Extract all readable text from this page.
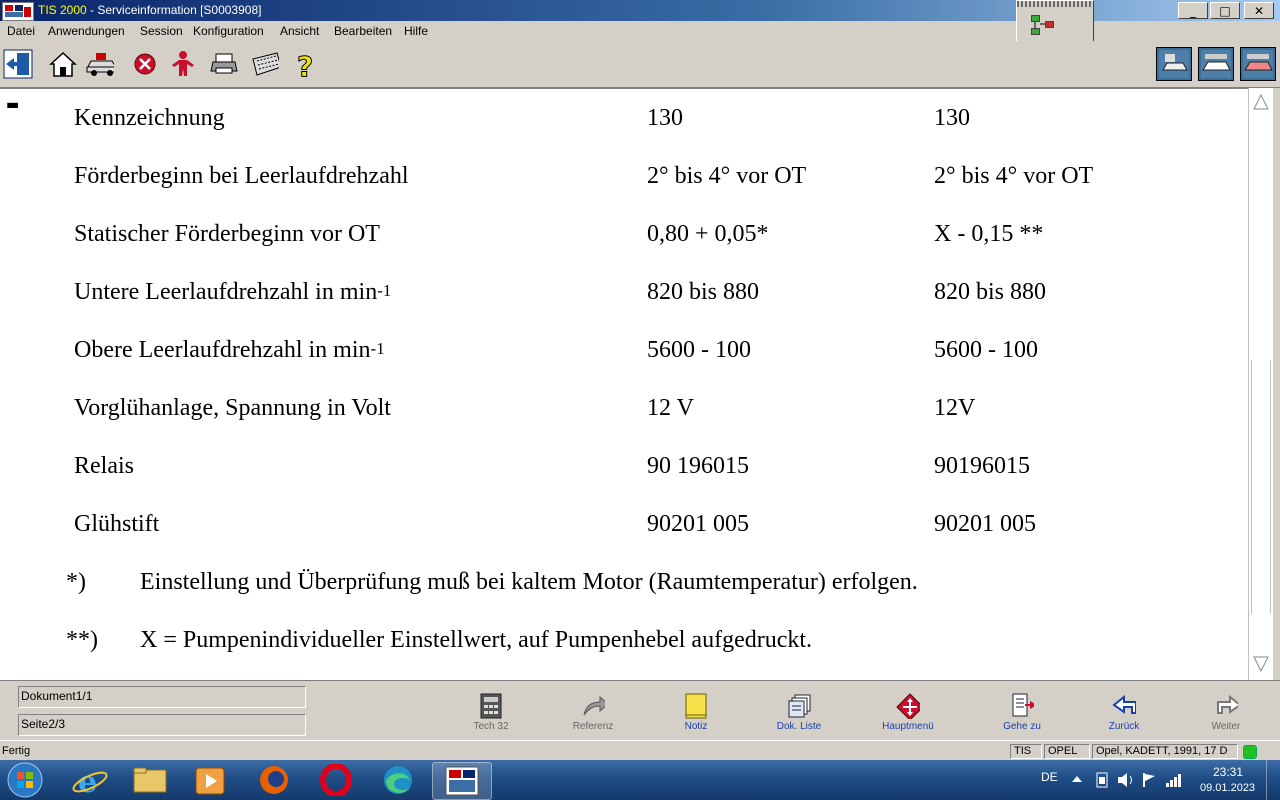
TIS 2000 - Serviceinformation [S0003908]	_	□	✕
Datei Anwendungen Session Konfiguration Ansicht Bearbeiten Hilfe
?
▬ Kennzeichnung	130	130
Förderbeginn bei Leerlaufdrehzahl	2° bis 4° vor OT	2° bis 4° vor OT
Statischer Förderbeginn vor OT	0,80 + 0,05*	X - 0,15 **
Untere Leerlaufdrehzahl in $\min^{-1}$	820 bis 880	820 bis 880
Obere Leerlaufdrehzahl in $\min^{-1}$	5600 - 100	5600 - 100
Vorglühanlage, Spannung in Volt	12 V	12V
Relais	90 196015	90196015
Glühstift	90201 005	90201 005
*) Einstellung und Überprüfung muß bei kaltem Motor (Raumtemperatur) erfolgen.
**) X = Pumpenindividueller Einstellwert, auf Pumpenhebel aufgedruckt.
Dokument1/1
Seite2/3	Tech 32	Referenz	Notiz	Dok. Liste	Hauptmenü	Gehe zu	Zurück	Weiter
Fertig	TIS	OPEL	Opel, KADETT, 1991, 17 D
e	DE	23:31
09.01.2023
